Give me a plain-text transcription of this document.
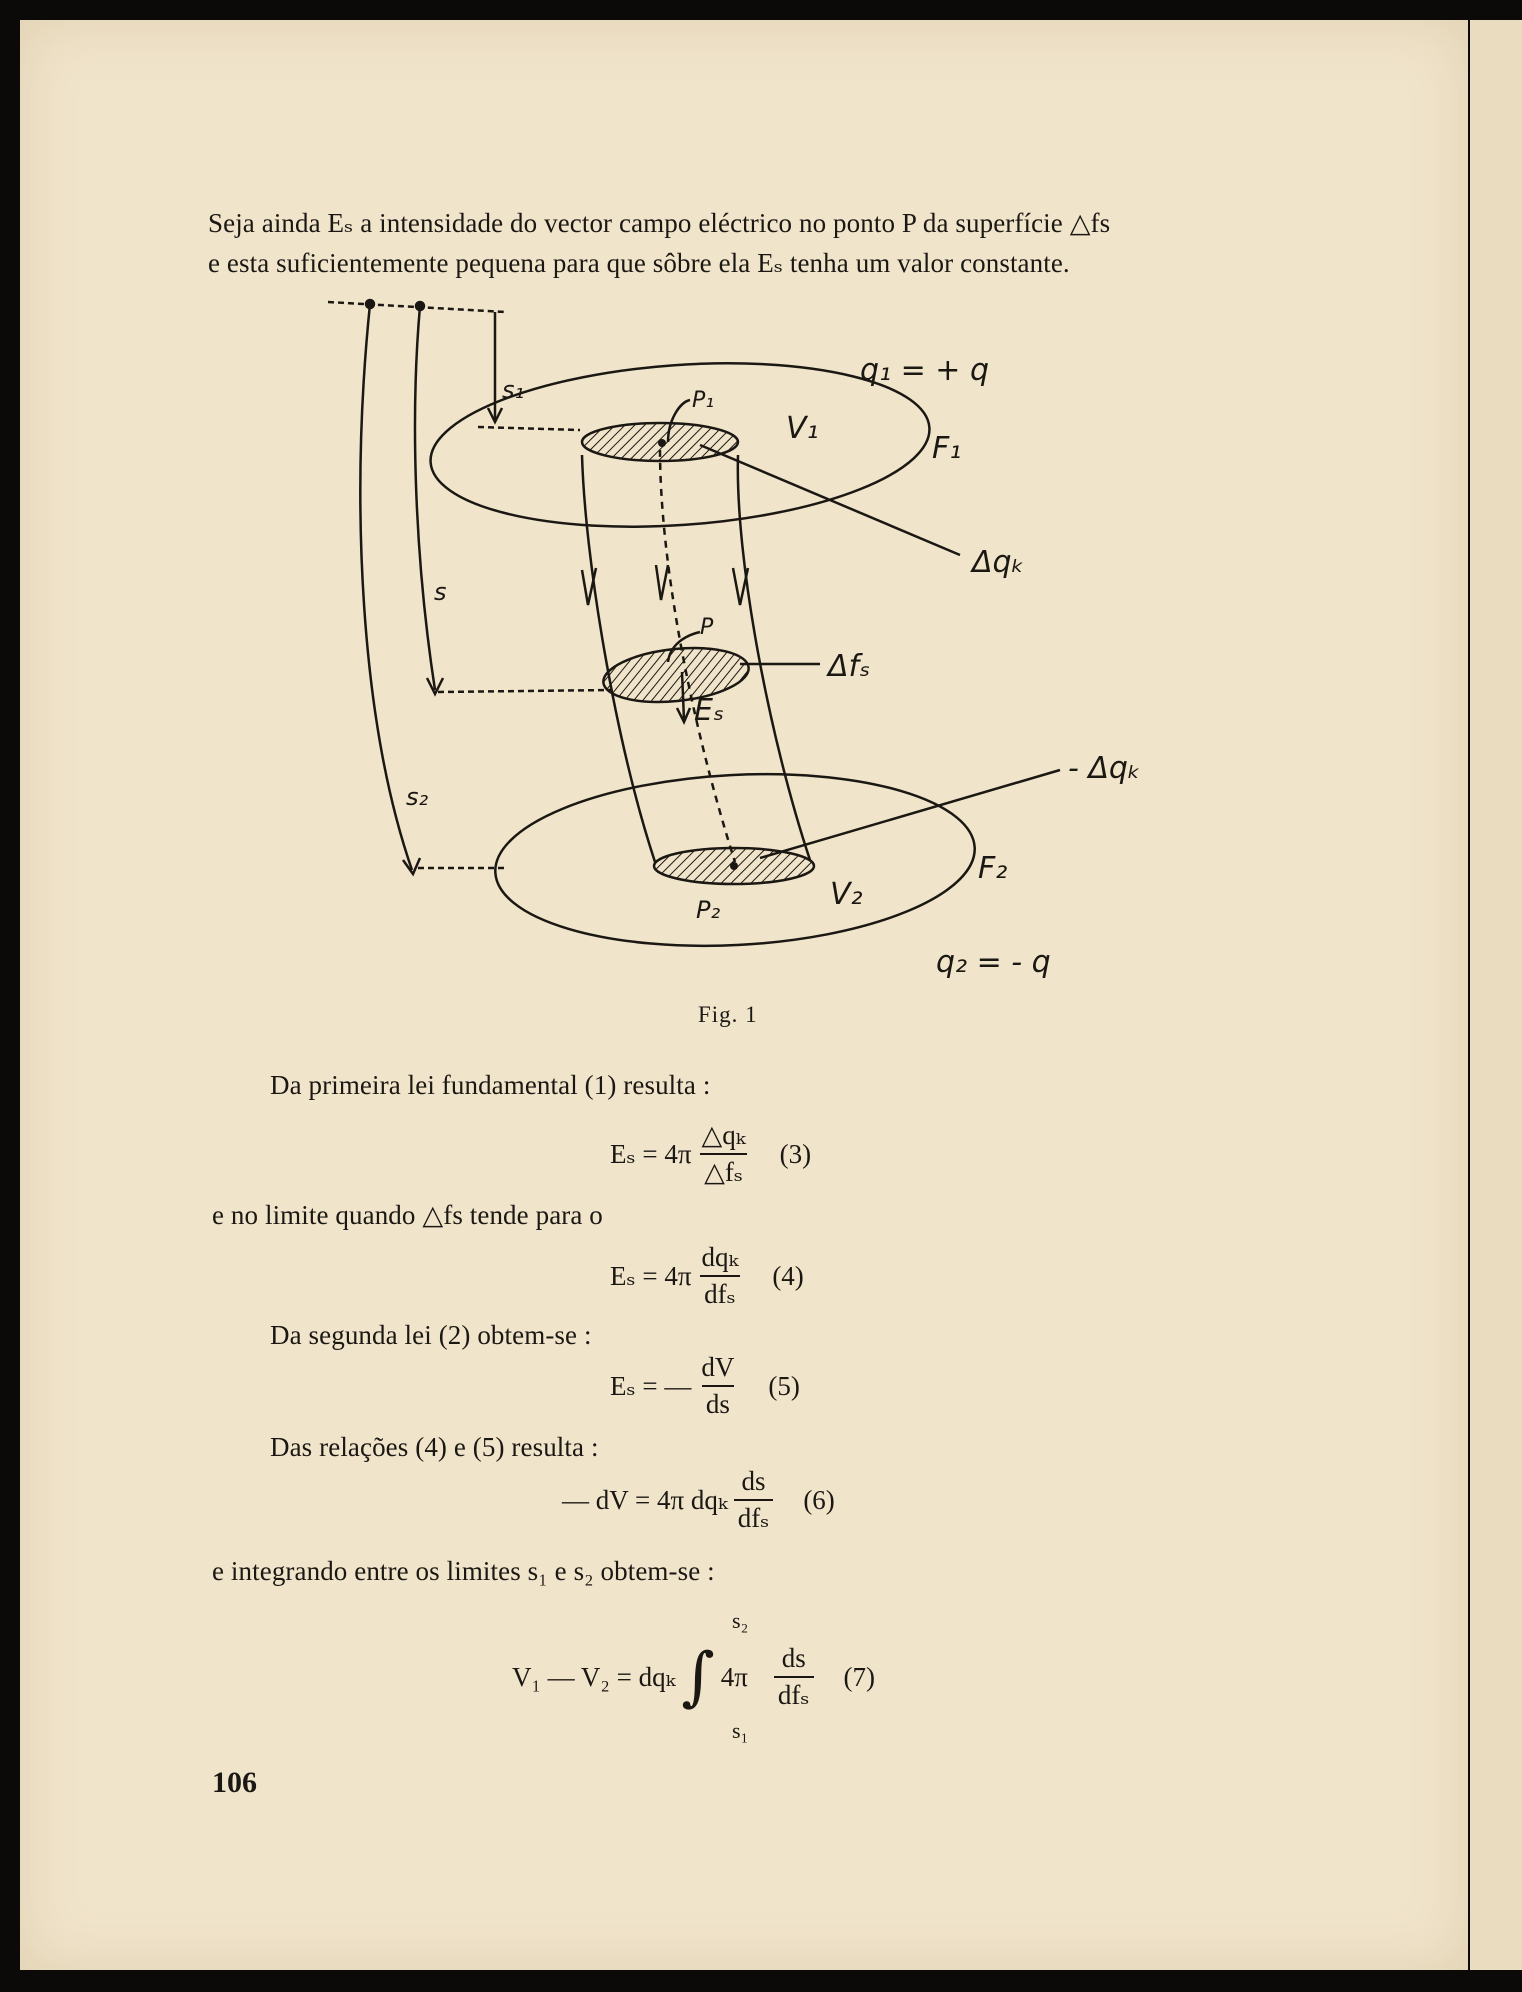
Seja ainda Eₛ a intensidade do vector campo eléctrico no ponto P da superfície △fs
e esta suficientemente pequena para que sôbre ela Eₛ tenha um valor constante.
q₁ = + q
F₁
V₁
P₁
s₁
Δqₖ
s
P
Δfₛ
Eₛ
- Δqₖ
s₂
F₂
V₂
P₂
q₂ = - q
Fig. 1
Da primeira lei fundamental (1) resulta :
$E_s = 4\pi \frac{\text{△qₖ}}{\text{△fₛ}} (3)$
e no limite quando △fs tende para o
$E_s = 4\pi \frac{\text{dqₖ}}{\text{dfₛ}} (4)$
Da segunda lei (2) obtem-se :
Eₛ = — $\frac{dV}{ds} (5)$
Das relações (4) e (5) resulta :
— dV = 4π dqₖ $\frac{ds}{\text{dfₛ}} (6)$
e integrando entre os limites s₁ e s₂ obtem-se :
s₂
s₁
V₁ — V₂ = dqₖ ∫ $4\pi \frac{ds}{\text{dfₛ}} (7)$
106
